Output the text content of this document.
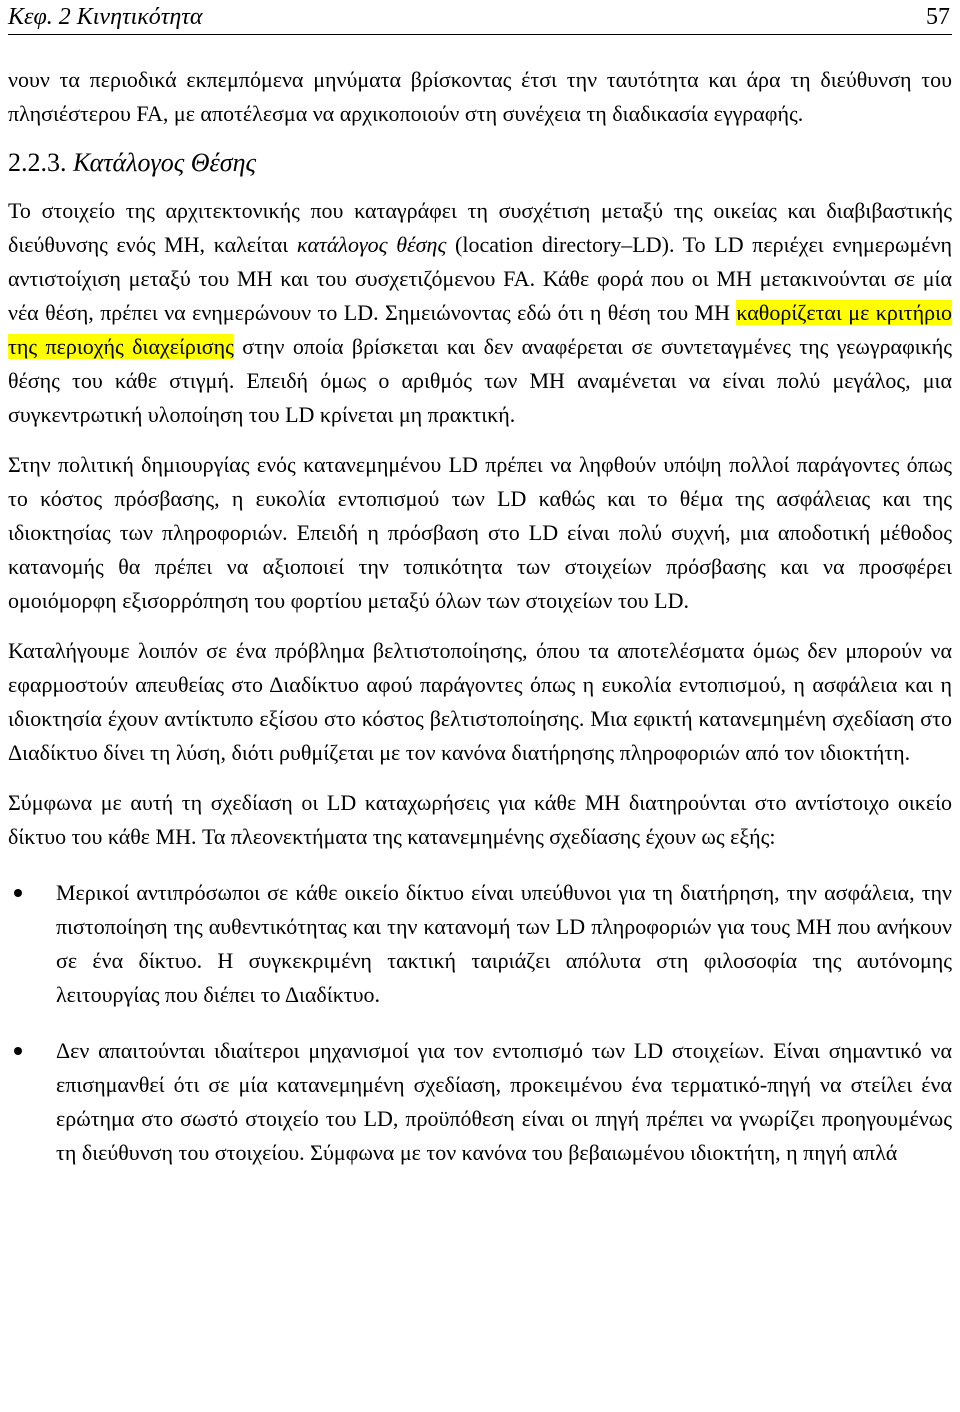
Κεφ. 2 Κινητικότητα	57

νουν τα περιοδικά εκπεμπόμενα μηνύματα βρίσκοντας έτσι την ταυτότητα και άρα τη διεύθυνση του πλησιέστερου FA, με αποτέλεσμα να αρχικοποιούν στη συνέχεια τη διαδικασία εγγραφής.

2.2.3. Κατάλογος Θέσης

Το στοιχείο της αρχιτεκτονικής που καταγράφει τη συσχέτιση μεταξύ της οικείας και διαβιβαστικής διεύθυνσης ενός MH, καλείται κατάλογος θέσης (location directory–LD). Το LD περιέχει ενημερωμένη αντιστοίχιση μεταξύ του MH και του συσχετιζόμενου FA. Κάθε φορά που οι MH μετακινούνται σε μία νέα θέση, πρέπει να ενημερώνουν το LD. Σημειώνοντας εδώ ότι η θέση του MH καθορίζεται με κριτήριο της περιοχής διαχείρισης στην οποία βρίσκεται και δεν αναφέρεται σε συντεταγμένες της γεωγραφικής θέσης του κάθε στιγμή. Επειδή όμως ο αριθμός των MH αναμένεται να είναι πολύ μεγάλος, μια συγκεντρωτική υλοποίηση του LD κρίνεται μη πρακτική.

Στην πολιτική δημιουργίας ενός κατανεμημένου LD πρέπει να ληφθούν υπόψη πολλοί παράγοντες όπως το κόστος πρόσβασης, η ευκολία εντοπισμού των LD καθώς και το θέμα της ασφάλειας και της ιδιοκτησίας των πληροφοριών. Επειδή η πρόσβαση στο LD είναι πολύ συχνή, μια αποδοτική μέθοδος κατανομής θα πρέπει να αξιοποιεί την τοπικότητα των στοιχείων πρόσβασης και να προσφέρει ομοιόμορφη εξισορρόπηση του φορτίου μεταξύ όλων των στοιχείων του LD.

Καταλήγουμε λοιπόν σε ένα πρόβλημα βελτιστοποίησης, όπου τα αποτελέσματα όμως δεν μπορούν να εφαρμοστούν απευθείας στο Διαδίκτυο αφού παράγοντες όπως η ευκολία εντοπισμού, η ασφάλεια και η ιδιοκτησία έχουν αντίκτυπο εξίσου στο κόστος βελτιστοποίησης. Μια εφικτή κατανεμημένη σχεδίαση στο Διαδίκτυο δίνει τη λύση, διότι ρυθμίζεται με τον κανόνα διατήρησης πληροφοριών από τον ιδιοκτήτη.

Σύμφωνα με αυτή τη σχεδίαση οι LD καταχωρήσεις για κάθε MH διατηρούνται στο αντίστοιχο οικείο δίκτυο του κάθε MH. Τα πλεονεκτήματα της κατανεμημένης σχεδίασης έχουν ως εξής:

Μερικοί αντιπρόσωποι σε κάθε οικείο δίκτυο είναι υπεύθυνοι για τη διατήρηση, την ασφάλεια, την πιστοποίηση της αυθεντικότητας και την κατανομή των LD πληροφοριών για τους MH που ανήκουν σε ένα δίκτυο. Η συγκεκριμένη τακτική ταιριάζει απόλυτα στη φιλοσοφία της αυτόνομης λειτουργίας που διέπει το Διαδίκτυο.

Δεν απαιτούνται ιδιαίτεροι μηχανισμοί για τον εντοπισμό των LD στοιχείων. Είναι σημαντικό να επισημανθεί ότι σε μία κατανεμημένη σχεδίαση, προκειμένου ένα τερματικό-πηγή να στείλει ένα ερώτημα στο σωστό στοιχείο του LD, προϋπόθεση είναι οι πηγή πρέπει να γνωρίζει προηγουμένως τη διεύθυνση του στοιχείου. Σύμφωνα με τον κανόνα του βεβαιωμένου ιδιοκτήτη, η πηγή απλά
